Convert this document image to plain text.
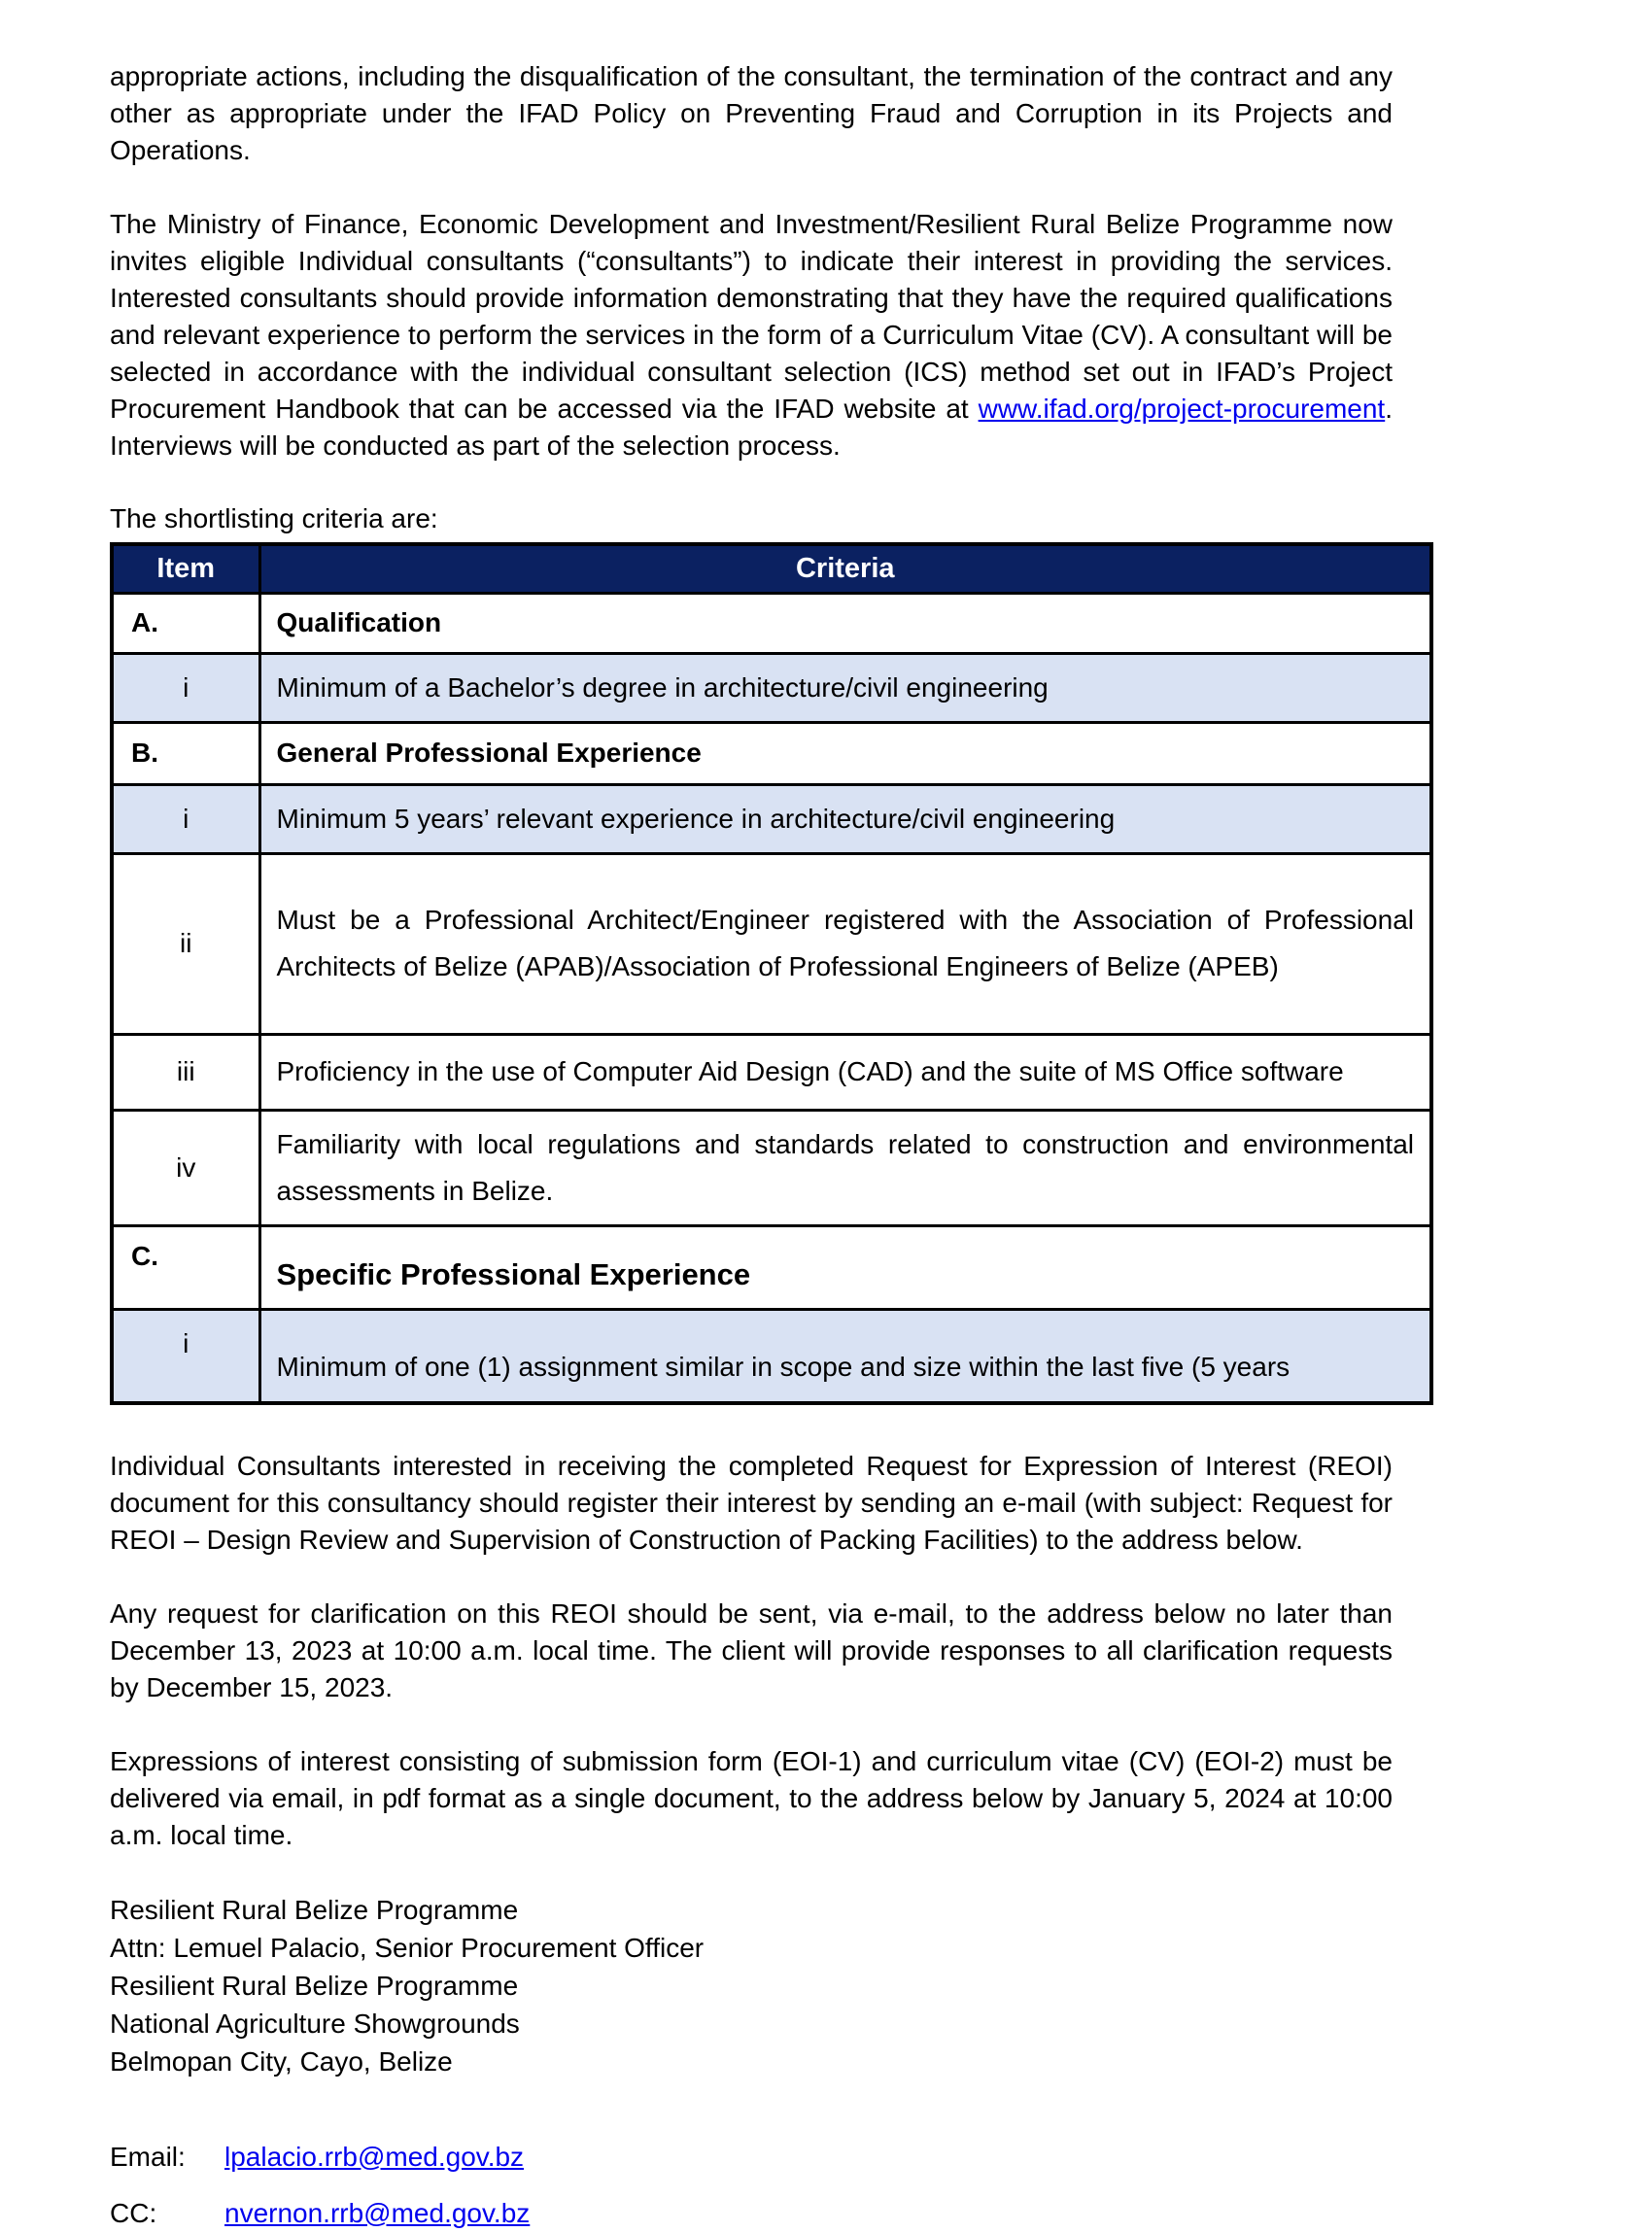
appropriate actions, including the disqualification of the consultant, the termination of the contract and any other as appropriate under the IFAD Policy on Preventing Fraud and Corruption in its Projects and Operations.

The Ministry of Finance, Economic Development and Investment/Resilient Rural Belize Programme now invites eligible Individual consultants (“consultants”) to indicate their interest in providing the services. Interested consultants should provide information demonstrating that they have the required qualifications and relevant experience to perform the services in the form of a Curriculum Vitae (CV). A consultant will be selected in accordance with the individual consultant selection (ICS) method set out in IFAD’s Project Procurement Handbook that can be accessed via the IFAD website at www.ifad.org/project-procurement. Interviews will be conducted as part of the selection process.

The shortlisting criteria are:
Item	Criteria
A.	Qualification
i	Minimum of a Bachelor’s degree in architecture/civil engineering
B.	General Professional Experience
i	Minimum 5 years’ relevant experience in architecture/civil engineering
ii	Must be a Professional Architect/Engineer registered with the Association of Professional Architects of Belize (APAB)/Association of Professional Engineers of Belize (APEB)
iii	Proficiency in the use of Computer Aid Design (CAD) and the suite of MS Office software
iv	Familiarity with local regulations and standards related to construction and environmental assessments in Belize.
C.	Specific Professional Experience
i	Minimum of one (1) assignment similar in scope and size within the last five (5 years

Individual Consultants interested in receiving the completed Request for Expression of Interest (REOI) document for this consultancy should register their interest by sending an e-mail (with subject: Request for REOI – Design Review and Supervision of Construction of Packing Facilities) to the address below.

Any request for clarification on this REOI should be sent, via e-mail, to the address below no later than December 13, 2023 at 10:00 a.m. local time. The client will provide responses to all clarification requests by December 15, 2023.

Expressions of interest consisting of submission form (EOI-1) and curriculum vitae (CV) (EOI-2) must be delivered via email, in pdf format as a single document, to the address below by January 5, 2024 at 10:00 a.m. local time.

Resilient Rural Belize Programme
Attn: Lemuel Palacio, Senior Procurement Officer
Resilient Rural Belize Programme
National Agriculture Showgrounds
Belmopan City, Cayo, Belize
Email: lpalacio.rrb@med.gov.bz
CC: nvernon.rrb@med.gov.bz
